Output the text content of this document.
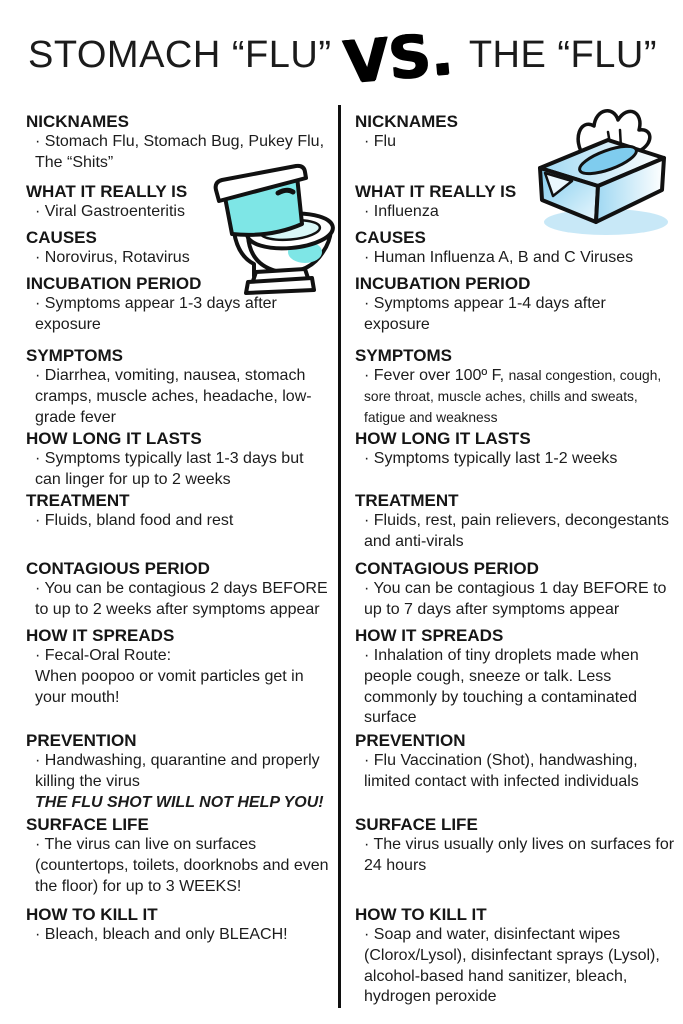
STOMACH “FLU” VS. THE “FLU”
NICKNAMES

· Stomach Flu, Stomach Bug, Pukey Flu, The “Shits”

WHAT IT REALLY IS

· Viral Gastroenteritis

CAUSES

· Norovirus, Rotavirus

INCUBATION PERIOD

· Symptoms appear 1-3 days after exposure

SYMPTOMS

· Diarrhea, vomiting, nausea, stomach cramps, muscle aches, headache, low-grade fever

HOW LONG IT LASTS

· Symptoms typically last 1-3 days but can linger for up to 2 weeks

TREATMENT

· Fluids, bland food and rest

CONTAGIOUS PERIOD

· You can be contagious 2 days BEFORE to up to 2 weeks after symptoms appear

HOW IT SPREADS

· Fecal-Oral Route:

When poopoo or vomit particles get in your mouth!

PREVENTION

· Handwashing, quarantine and properly killing the virus

THE FLU SHOT WILL NOT HELP YOU!

SURFACE LIFE

· The virus can live on surfaces (countertops, toilets, doorknobs and even the floor) for up to 3 WEEKS!

HOW TO KILL IT

· Bleach, bleach and only BLEACH!

NICKNAMES

· Flu

WHAT IT REALLY IS

· Influenza

CAUSES

· Human Influenza A, B and C Viruses

INCUBATION PERIOD

· Symptoms appear 1-4 days after exposure

SYMPTOMS

· Fever over 100º F, nasal congestion, cough, sore throat, muscle aches, chills and sweats, fatigue and weakness

HOW LONG IT LASTS

· Symptoms typically last 1-2 weeks

TREATMENT

· Fluids, rest, pain relievers, decongestants and anti-virals

CONTAGIOUS PERIOD

· You can be contagious 1 day BEFORE to up to 7 days after symptoms appear

HOW IT SPREADS

· Inhalation of tiny droplets made when people cough, sneeze or talk. Less commonly by touching a contaminated surface

PREVENTION

· Flu Vaccination (Shot), handwashing, limited contact with infected individuals

SURFACE LIFE

· The virus usually only lives on surfaces for 24 hours

HOW TO KILL IT

· Soap and water, disinfectant wipes (Clorox/Lysol), disinfectant sprays (Lysol), alcohol-based hand sanitizer, bleach, hydrogen peroxide
